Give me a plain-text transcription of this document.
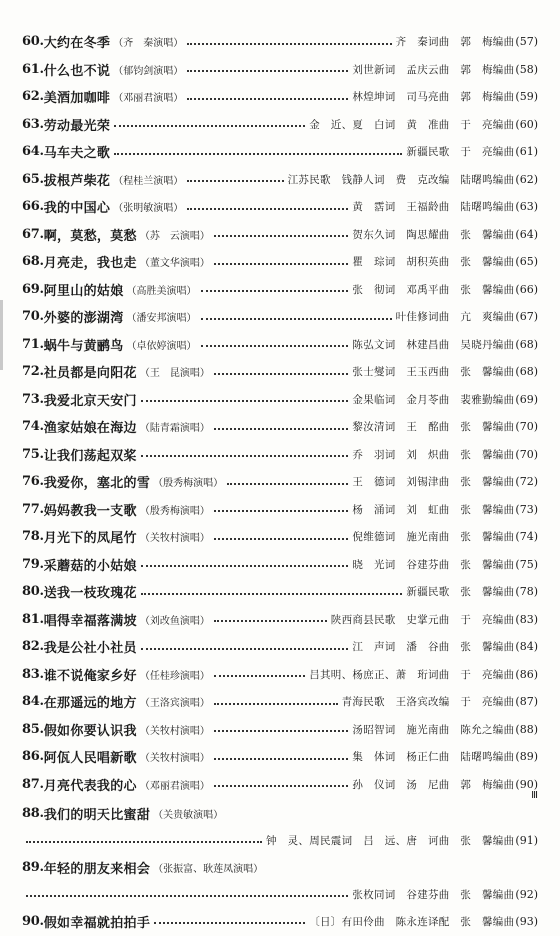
60. 大约在冬季 （齐　秦演唱）	齐　秦词曲　郭　梅编曲 (57)
61. 什么也不说 （郁钧剑演唱）	刘世新词　孟庆云曲　郭　梅编曲 (58)
62. 美酒加咖啡 （邓丽君演唱）	林煌坤词　司马亮曲　郭　梅编曲 (59)
63. 劳动最光荣	金　近、夏　白词　黄　准曲　于　亮编曲 (60)
64. 马车夫之歌	新疆民歌　于　亮编曲 (61)
65. 拔根芦柴花 （程桂兰演唱）	江苏民歌　钱静人词　费　克改编　陆曙鸣编曲 (62)
66. 我的中国心 （张明敏演唱）	黄　霑词　王福龄曲　陆曙鸣编曲 (63)
67. 啊，莫愁，莫愁 （苏　云演唱）	贺东久词　陶思耀曲　张　馨编曲 (64)
68. 月亮走，我也走 （董文华演唱）	瞿　琮词　胡积英曲　张　馨编曲 (65)
69. 阿里山的姑娘 （高胜美演唱）	张　彻词　邓禹平曲　张　馨编曲 (66)
70. 外婆的澎湖湾 （潘安邦演唱）	叶佳修词曲　亢　爽编曲 (67)
71. 蜗牛与黄鹂鸟 （卓依婷演唱）	陈弘文词　林建昌曲　吴晓丹编曲 (68)
72. 社员都是向阳花 （王　昆演唱）	张士燮词　王玉西曲　张　馨编曲 (68)
73. 我爱北京天安门	金果临词　金月苓曲　裴雅勤编曲 (69)
74. 渔家姑娘在海边 （陆青霜演唱）	黎汝清词　王　酩曲　张　馨编曲 (70)
75. 让我们荡起双桨	乔　羽词　刘　炽曲　张　馨编曲 (70)
76. 我爱你，塞北的雪 （殷秀梅演唱）	王　德词　刘锡津曲　张　馨编曲 (72)
77. 妈妈教我一支歌 （殷秀梅演唱）	杨　涌词　刘　虹曲　张　馨编曲 (73)
78. 月光下的凤尾竹 （关牧村演唱）	倪维德词　施光南曲　张　馨编曲 (74)
79. 采蘑菇的小姑娘	晓　光词　谷建芬曲　张　馨编曲 (75)
80. 送我一枝玫瑰花	新疆民歌　张　馨编曲 (78)
81. 唱得幸福落满坡 （刘改鱼演唱）	陕西商县民歌　史掌元曲　于　亮编曲 (83)
82. 我是公社小社员	江　声词　潘　谷曲　张　馨编曲 (84)
83. 谁不说俺家乡好 （任桂珍演唱）	吕其明、杨庶正、萧　珩词曲　于　亮编曲 (86)
84. 在那遥远的地方 （王洛宾演唱）	青海民歌　王洛宾改编　于　亮编曲 (87)
85. 假如你要认识我 （关牧村演唱）	汤昭智词　施光南曲　陈允之编曲 (88)
86. 阿佤人民唱新歌 （关牧村演唱）	集　体词　杨正仁曲　陆曙鸣编曲 (89)
87. 月亮代表我的心 （邓丽君演唱）	孙　仪词　汤　尼曲　郭　梅编曲 (90)
88. 我们的明天比蜜甜 （关贵敏演唱）
钟　灵、周民震词　吕　远、唐　诃曲　张　馨编曲 (91)
89. 年轻的朋友来相会 （张振富、耿莲凤演唱）
张枚同词　谷建芬曲　张　馨编曲 (92)
90. 假如幸福就拍拍手	〔日〕有田伶曲　陈永连译配　张　馨编曲 (93)
Ⅲ
